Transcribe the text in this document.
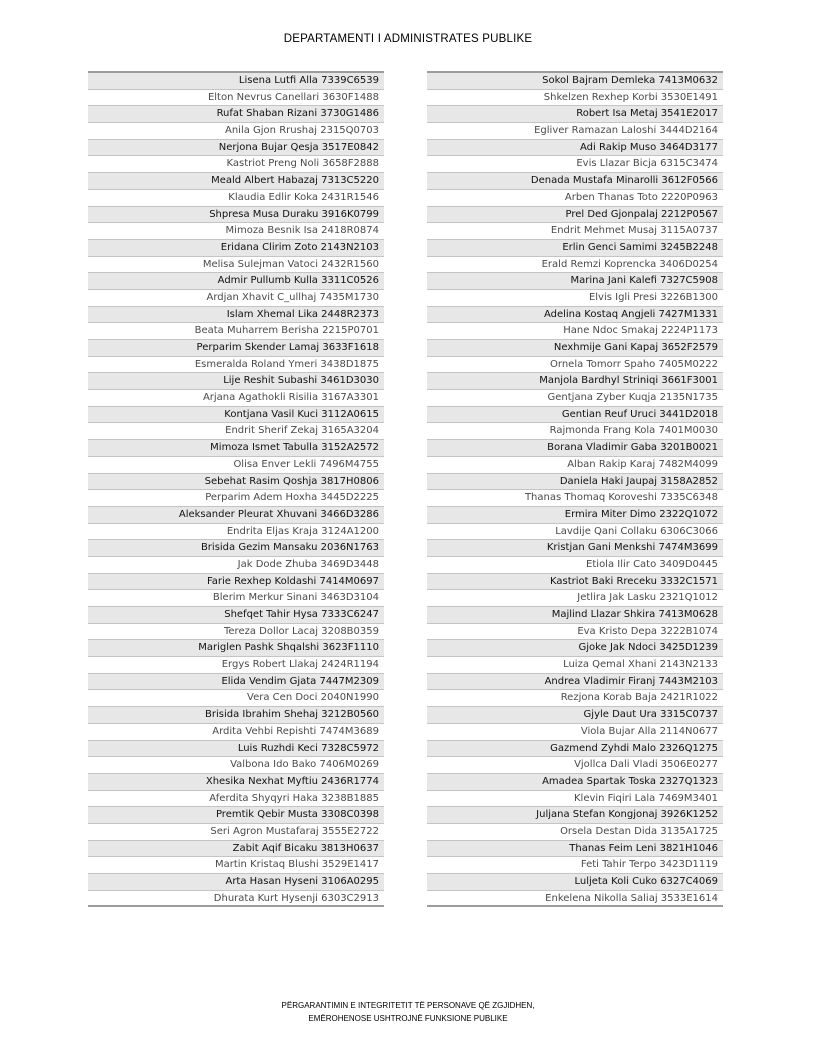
DEPARTAMENTI I ADMINISTRATES PUBLIKE
Lisena Lutfi Alla 7339C6539
Elton Nevrus Canellari 3630F1488
Rufat Shaban Rizani 3730G1486
Anila Gjon Rrushaj 2315Q0703
Nerjona Bujar Qesja 3517E0842
Kastriot Preng Noli 3658F2888
Meald Albert Habazaj 7313C5220
Klaudia Edlir Koka 2431R1546
Shpresa Musa Duraku 3916K0799
Mimoza Besnik Isa 2418R0874
Eridana Clirim Zoto 2143N2103
Melisa Sulejman Vatoci 2432R1560
Admir Pullumb Kulla 3311C0526
Ardjan Xhavit C_ullhaj 7435M1730
Islam Xhemal Lika 2448R2373
Beata Muharrem Berisha 2215P0701
Perparim Skender Lamaj 3633F1618
Esmeralda Roland Ymeri 3438D1875
Lije Reshit Subashi 3461D3030
Arjana Agathokli Risilia 3167A3301
Kontjana Vasil Kuci 3112A0615
Endrit Sherif Zekaj 3165A3204
Mimoza Ismet Tabulla 3152A2572
Olisa Enver Lekli 7496M4755
Sebehat Rasim Qoshja 3817H0806
Perparim Adem Hoxha 3445D2225
Aleksander Pleurat Xhuvani 3466D3286
Endrita Eljas Kraja 3124A1200
Brisida Gezim Mansaku 2036N1763
Jak Dode Zhuba 3469D3448
Farie Rexhep Koldashi 7414M0697
Blerim Merkur Sinani 3463D3104
Shefqet Tahir Hysa 7333C6247
Tereza Dollor Lacaj 3208B0359
Mariglen Pashk Shqalshi 3623F1110
Ergys Robert Llakaj 2424R1194
Elida Vendim Gjata 7447M2309
Vera Cen Doci 2040N1990
Brisida Ibrahim Shehaj 3212B0560
Ardita Vehbi Repishti 7474M3689
Luis Ruzhdi Keci 7328C5972
Valbona Ido Bako 7406M0269
Xhesika Nexhat Myftiu 2436R1774
Aferdita Shyqyri Haka 3238B1885
Premtik Qebir Musta 3308C0398
Seri Agron Mustafaraj 3555E2722
Zabit Aqif Bicaku 3813H0637
Martin Kristaq Blushi 3529E1417
Arta Hasan Hyseni 3106A0295
Dhurata Kurt Hysenji 6303C2913
Sokol Bajram Demleka 7413M0632
Shkelzen Rexhep Korbi 3530E1491
Robert Isa Metaj 3541E2017
Egliver Ramazan Laloshi 3444D2164
Adi Rakip Muso 3464D3177
Evis Llazar Bicja 6315C3474
Denada Mustafa Minarolli 3612F0566
Arben Thanas Toto 2220P0963
Prel Ded Gjonpalaj 2212P0567
Endrit Mehmet Musaj 3115A0737
Erlin Genci Samimi 3245B2248
Erald Remzi Koprencka 3406D0254
Marina Jani Kalefi 7327C5908
Elvis Igli Presi 3226B1300
Adelina Kostaq Angjeli 7427M1331
Hane Ndoc Smakaj 2224P1173
Nexhmije Gani Kapaj 3652F2579
Ornela Tomorr Spaho 7405M0222
Manjola Bardhyl Striniqi 3661F3001
Gentjana Zyber Kuqja 2135N1735
Gentian Reuf Uruci 3441D2018
Rajmonda Frang Kola 7401M0030
Borana Vladimir Gaba 3201B0021
Alban Rakip Karaj 7482M4099
Daniela Haki Jaupaj 3158A2852
Thanas Thomaq Koroveshi 7335C6348
Ermira Miter Dimo 2322Q1072
Lavdije Qani Collaku 6306C3066
Kristjan Gani Menkshi 7474M3699
Etiola Ilir Cato 3409D0445
Kastriot Baki Rreceku 3332C1571
Jetlira Jak Lasku 2321Q1012
Majlind Llazar Shkira 7413M0628
Eva Kristo Depa 3222B1074
Gjoke Jak Ndoci 3425D1239
Luiza Qemal Xhani 2143N2133
Andrea Vladimir Firanj 7443M2103
Rezjona Korab Baja 2421R1022
Gjyle Daut Ura 3315C0737
Viola Bujar Alla 2114N0677
Gazmend Zyhdi Malo 2326Q1275
Vjollca Dali Vladi 3506E0277
Amadea Spartak Toska 2327Q1323
Klevin Fiqiri Lala 7469M3401
Juljana Stefan Kongjonaj 3926K1252
Orsela Destan Dida 3135A1725
Thanas Feim Leni 3821H1046
Feti Tahir Terpo 3423D1119
Luljeta Koli Cuko 6327C4069
Enkelena Nikolla Saliaj 3533E1614
PËRGARANTIMIN E INTEGRITETIT TË PERSONAVE QË ZGJIDHEN,
EMËROHENOSE USHTROJNË FUNKSIONE PUBLIKE
